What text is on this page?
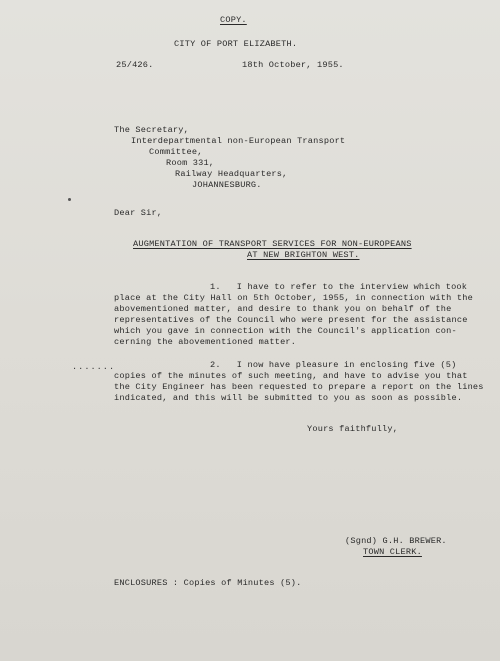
COPY.
CITY OF PORT ELIZABETH.
25/426.	18th October, 1955.
The Secretary,
Interdepartmental non-European Transport
Committee,
Room 331,
Railway Headquarters,
JOHANNESBURG.
Dear Sir,
AUGMENTATION OF TRANSPORT SERVICES FOR NON-EUROPEANS
AT NEW BRIGHTON WEST.
1.   I have to refer to the interview which took
place at the City Hall on 5th October, 1955, in connection with the
abovementioned matter, and desire to thank you on behalf of the
representatives of the Council who were present for the assistance
which you gave in connection with the Council's application con-
cerning the abovementioned matter.
.......	2.   I now have pleasure in enclosing five (5)
copies of the minutes of such meeting, and have to advise you that
the City Engineer has been requested to prepare a report on the lines
indicated, and this will be submitted to you as soon as possible.
Yours faithfully,
(Sgnd) G.H. BREWER.
TOWN CLERK.
ENCLOSURES : Copies of Minutes (5).
